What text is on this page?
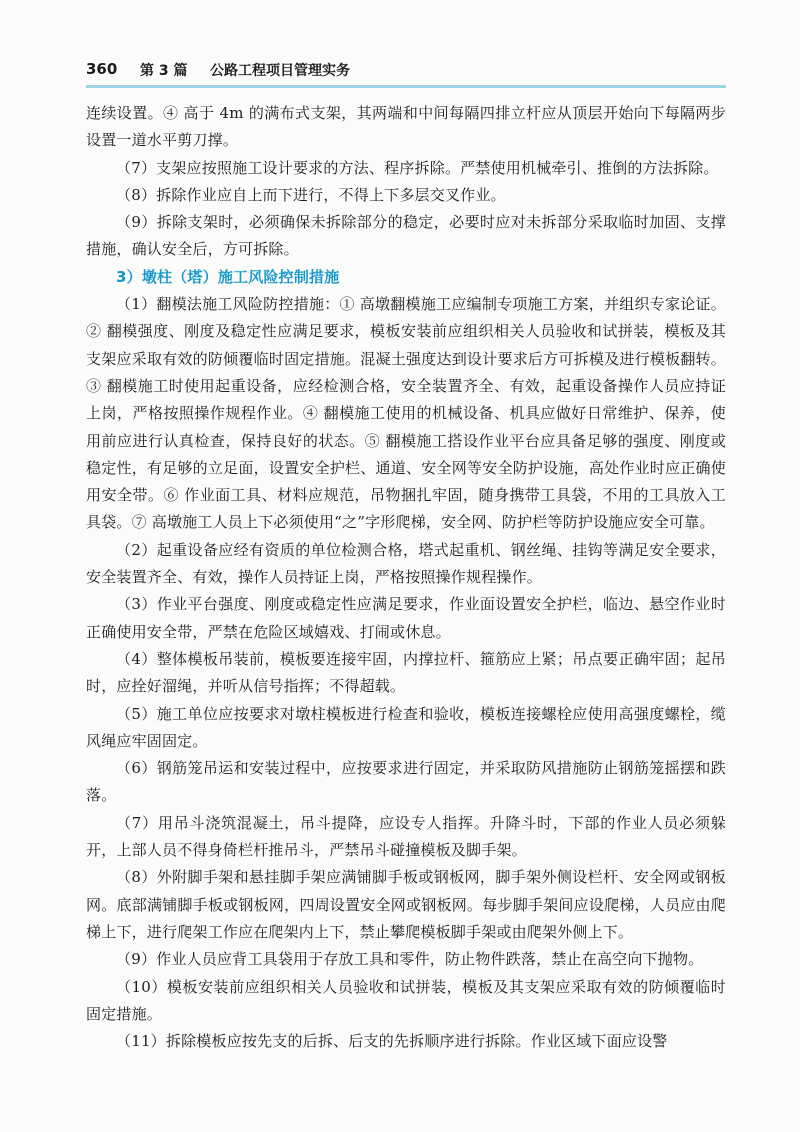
360 第 3 篇 公路工程项目管理实务

连续设置。④ 高于 4m 的满布式支架，其两端和中间每隔四排立杆应从顶层开始向下每隔两步设置一道水平剪刀撑。

（7）支架应按照施工设计要求的方法、程序拆除。严禁使用机械牵引、推倒的方法拆除。

（8）拆除作业应自上而下进行，不得上下多层交叉作业。

（9）拆除支架时，必须确保未拆除部分的稳定，必要时应对未拆部分采取临时加固、支撑措施，确认安全后，方可拆除。

3）墩柱（塔）施工风险控制措施

（1）翻模法施工风险防控措施：① 高墩翻模施工应编制专项施工方案，并组织专家论证。② 翻模强度、刚度及稳定性应满足要求，模板安装前应组织相关人员验收和试拼装，模板及其支架应采取有效的防倾覆临时固定措施。混凝土强度达到设计要求后方可拆模及进行模板翻转。③ 翻模施工时使用起重设备，应经检测合格，安全装置齐全、有效，起重设备操作人员应持证上岗，严格按照操作规程作业。④ 翻模施工使用的机械设备、机具应做好日常维护、保养，使用前应进行认真检查，保持良好的状态。⑤ 翻模施工搭设作业平台应具备足够的强度、刚度或稳定性，有足够的立足面，设置安全护栏、通道、安全网等安全防护设施，高处作业时应正确使用安全带。⑥ 作业面工具、材料应规范，吊物捆扎牢固，随身携带工具袋，不用的工具放入工具袋。⑦ 高墩施工人员上下必须使用“之”字形爬梯，安全网、防护栏等防护设施应安全可靠。

（2）起重设备应经有资质的单位检测合格，塔式起重机、钢丝绳、挂钩等满足安全要求，安全装置齐全、有效，操作人员持证上岗，严格按照操作规程操作。

（3）作业平台强度、刚度或稳定性应满足要求，作业面设置安全护栏，临边、悬空作业时正确使用安全带，严禁在危险区域嬉戏、打闹或休息。

（4）整体模板吊装前，模板要连接牢固，内撑拉杆、箍筋应上紧；吊点要正确牢固；起吊时，应拴好溜绳，并听从信号指挥；不得超载。

（5）施工单位应按要求对墩柱模板进行检查和验收，模板连接螺栓应使用高强度螺栓，缆风绳应牢固固定。

（6）钢筋笼吊运和安装过程中，应按要求进行固定，并采取防风措施防止钢筋笼摇摆和跌落。

（7）用吊斗浇筑混凝土，吊斗提降，应设专人指挥。升降斗时，下部的作业人员必须躲开，上部人员不得身倚栏杆推吊斗，严禁吊斗碰撞模板及脚手架。

（8）外附脚手架和悬挂脚手架应满铺脚手板或钢板网，脚手架外侧设栏杆、安全网或钢板网。底部满铺脚手板或钢板网，四周设置安全网或钢板网。每步脚手架间应设爬梯，人员应由爬梯上下，进行爬架工作应在爬架内上下，禁止攀爬模板脚手架或由爬架外侧上下。

（9）作业人员应背工具袋用于存放工具和零件，防止物件跌落，禁止在高空向下抛物。

（10）模板安装前应组织相关人员验收和试拼装，模板及其支架应采取有效的防倾覆临时固定措施。

（11）拆除模板应按先支的后拆、后支的先拆顺序进行拆除。作业区域下面应设警
